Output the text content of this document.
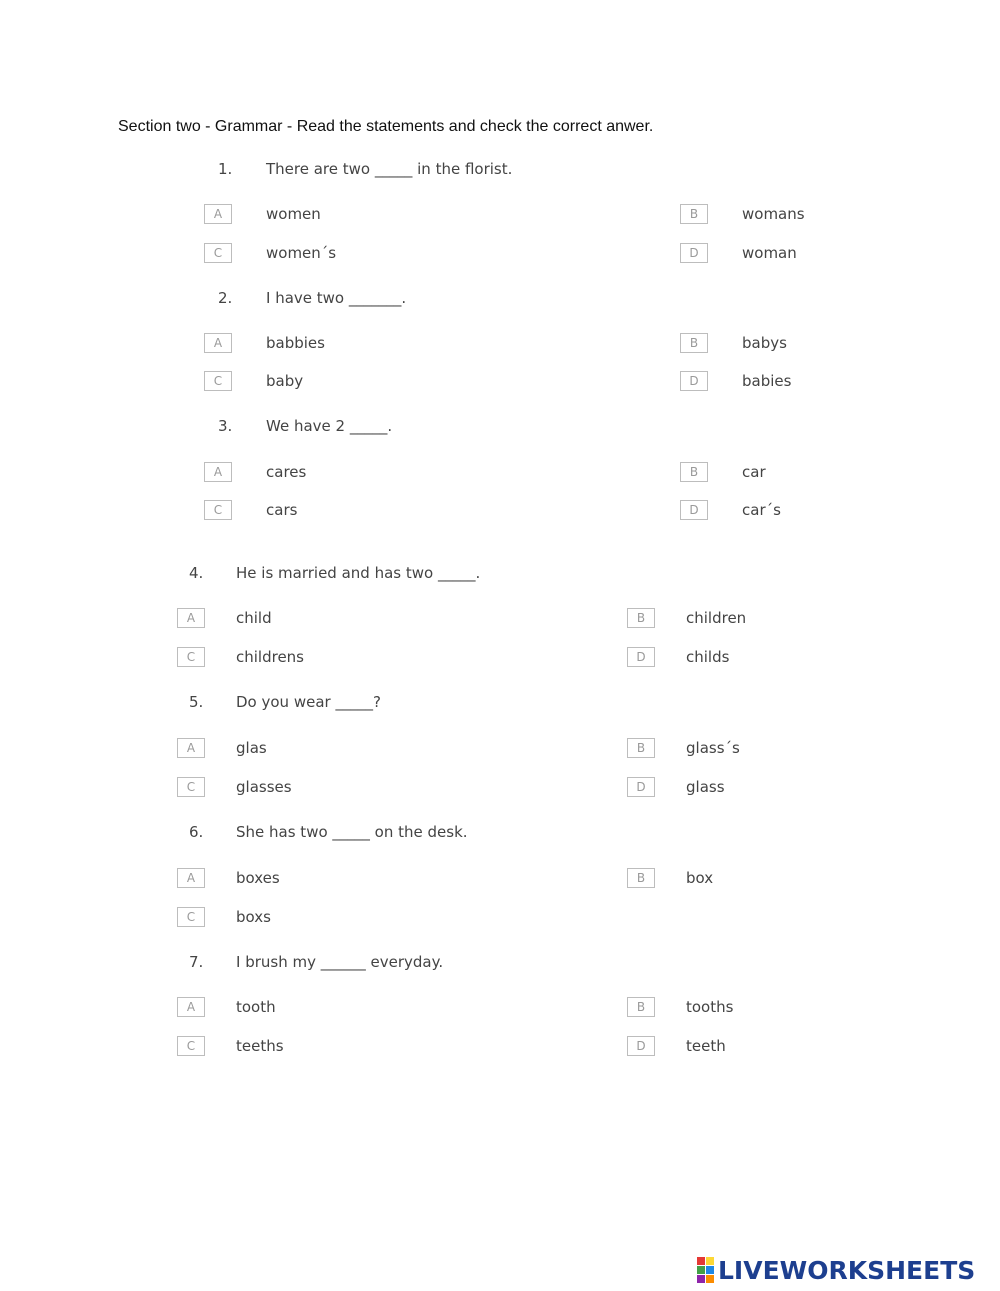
Section two - Grammar - Read the statements and check the correct anwer.
1. There are two _____ in the florist.
A	women	B	womans
C	women´s	D	woman
2. I have two _______.
A	babbies	B	babys
C	baby	D	babies
3. We have 2 _____.
A	cares	B	car
C	cars	D	car´s
4. He is married and has two _____.
A	child	B	children
C	childrens	D	childs
5. Do you wear _____?
A	glas	B	glass´s
C	glasses	D	glass
6. She has two _____ on the desk.
A	boxes	B	box
C	boxs
7. I brush my ______ everyday.
A	tooth	B	tooths
C	teeths	D	teeth
LIVEWORKSHEETS
